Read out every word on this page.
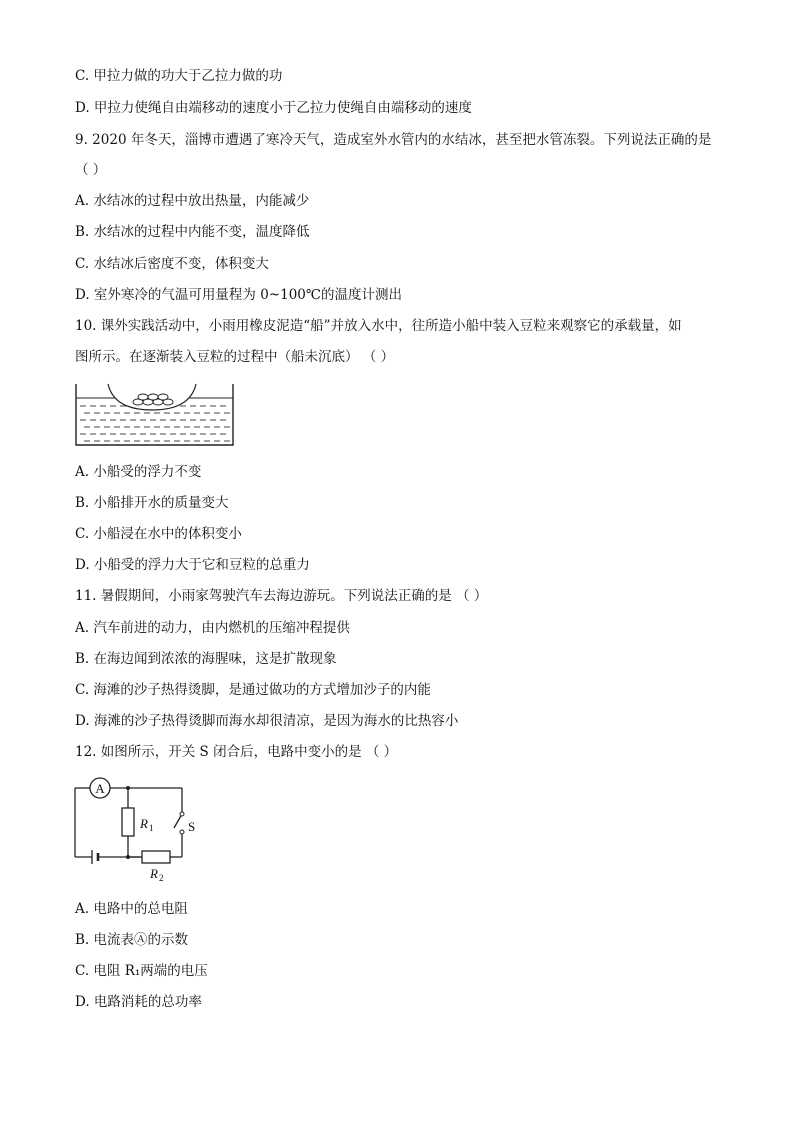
C. 甲拉力做的功大于乙拉力做的功
D. 甲拉力使绳自由端移动的速度小于乙拉力使绳自由端移动的速度
9. 2020 年冬天，淄博市遭遇了寒冷天气，造成室外水管内的水结冰，甚至把水管冻裂。下列说法正确的是
（ ）
A. 水结冰的过程中放出热量，内能减少
B. 水结冰的过程中内能不变，温度降低
C. 水结冰后密度不变，体积变大
D. 室外寒冷的气温可用量程为 0~100℃的温度计测出
10. 课外实践活动中，小雨用橡皮泥造“船”并放入水中，往所造小船中装入豆粒来观察它的承载量，如
图所示。在逐渐装入豆粒的过程中（船未沉底） （ ）
A. 小船受的浮力不变
B. 小船排开水的质量变大
C. 小船浸在水中的体积变小
D. 小船受的浮力大于它和豆粒的总重力
11. 暑假期间，小雨家驾驶汽车去海边游玩。下列说法正确的是 （ ）
A. 汽车前进的动力，由内燃机的压缩冲程提供
B. 在海边闻到浓浓的海腥味，这是扩散现象
C. 海滩的沙子热得烫脚，是通过做功的方式增加沙子的内能
D. 海滩的沙子热得烫脚而海水却很清凉，是因为海水的比热容小
12. 如图所示，开关 S 闭合后，电路中变小的是 （ ）
A
R 1	S
R 2
A. 电路中的总电阻
B. 电流表Ⓐ的示数
C. 电阻 R₁两端的电压
D. 电路消耗的总功率
